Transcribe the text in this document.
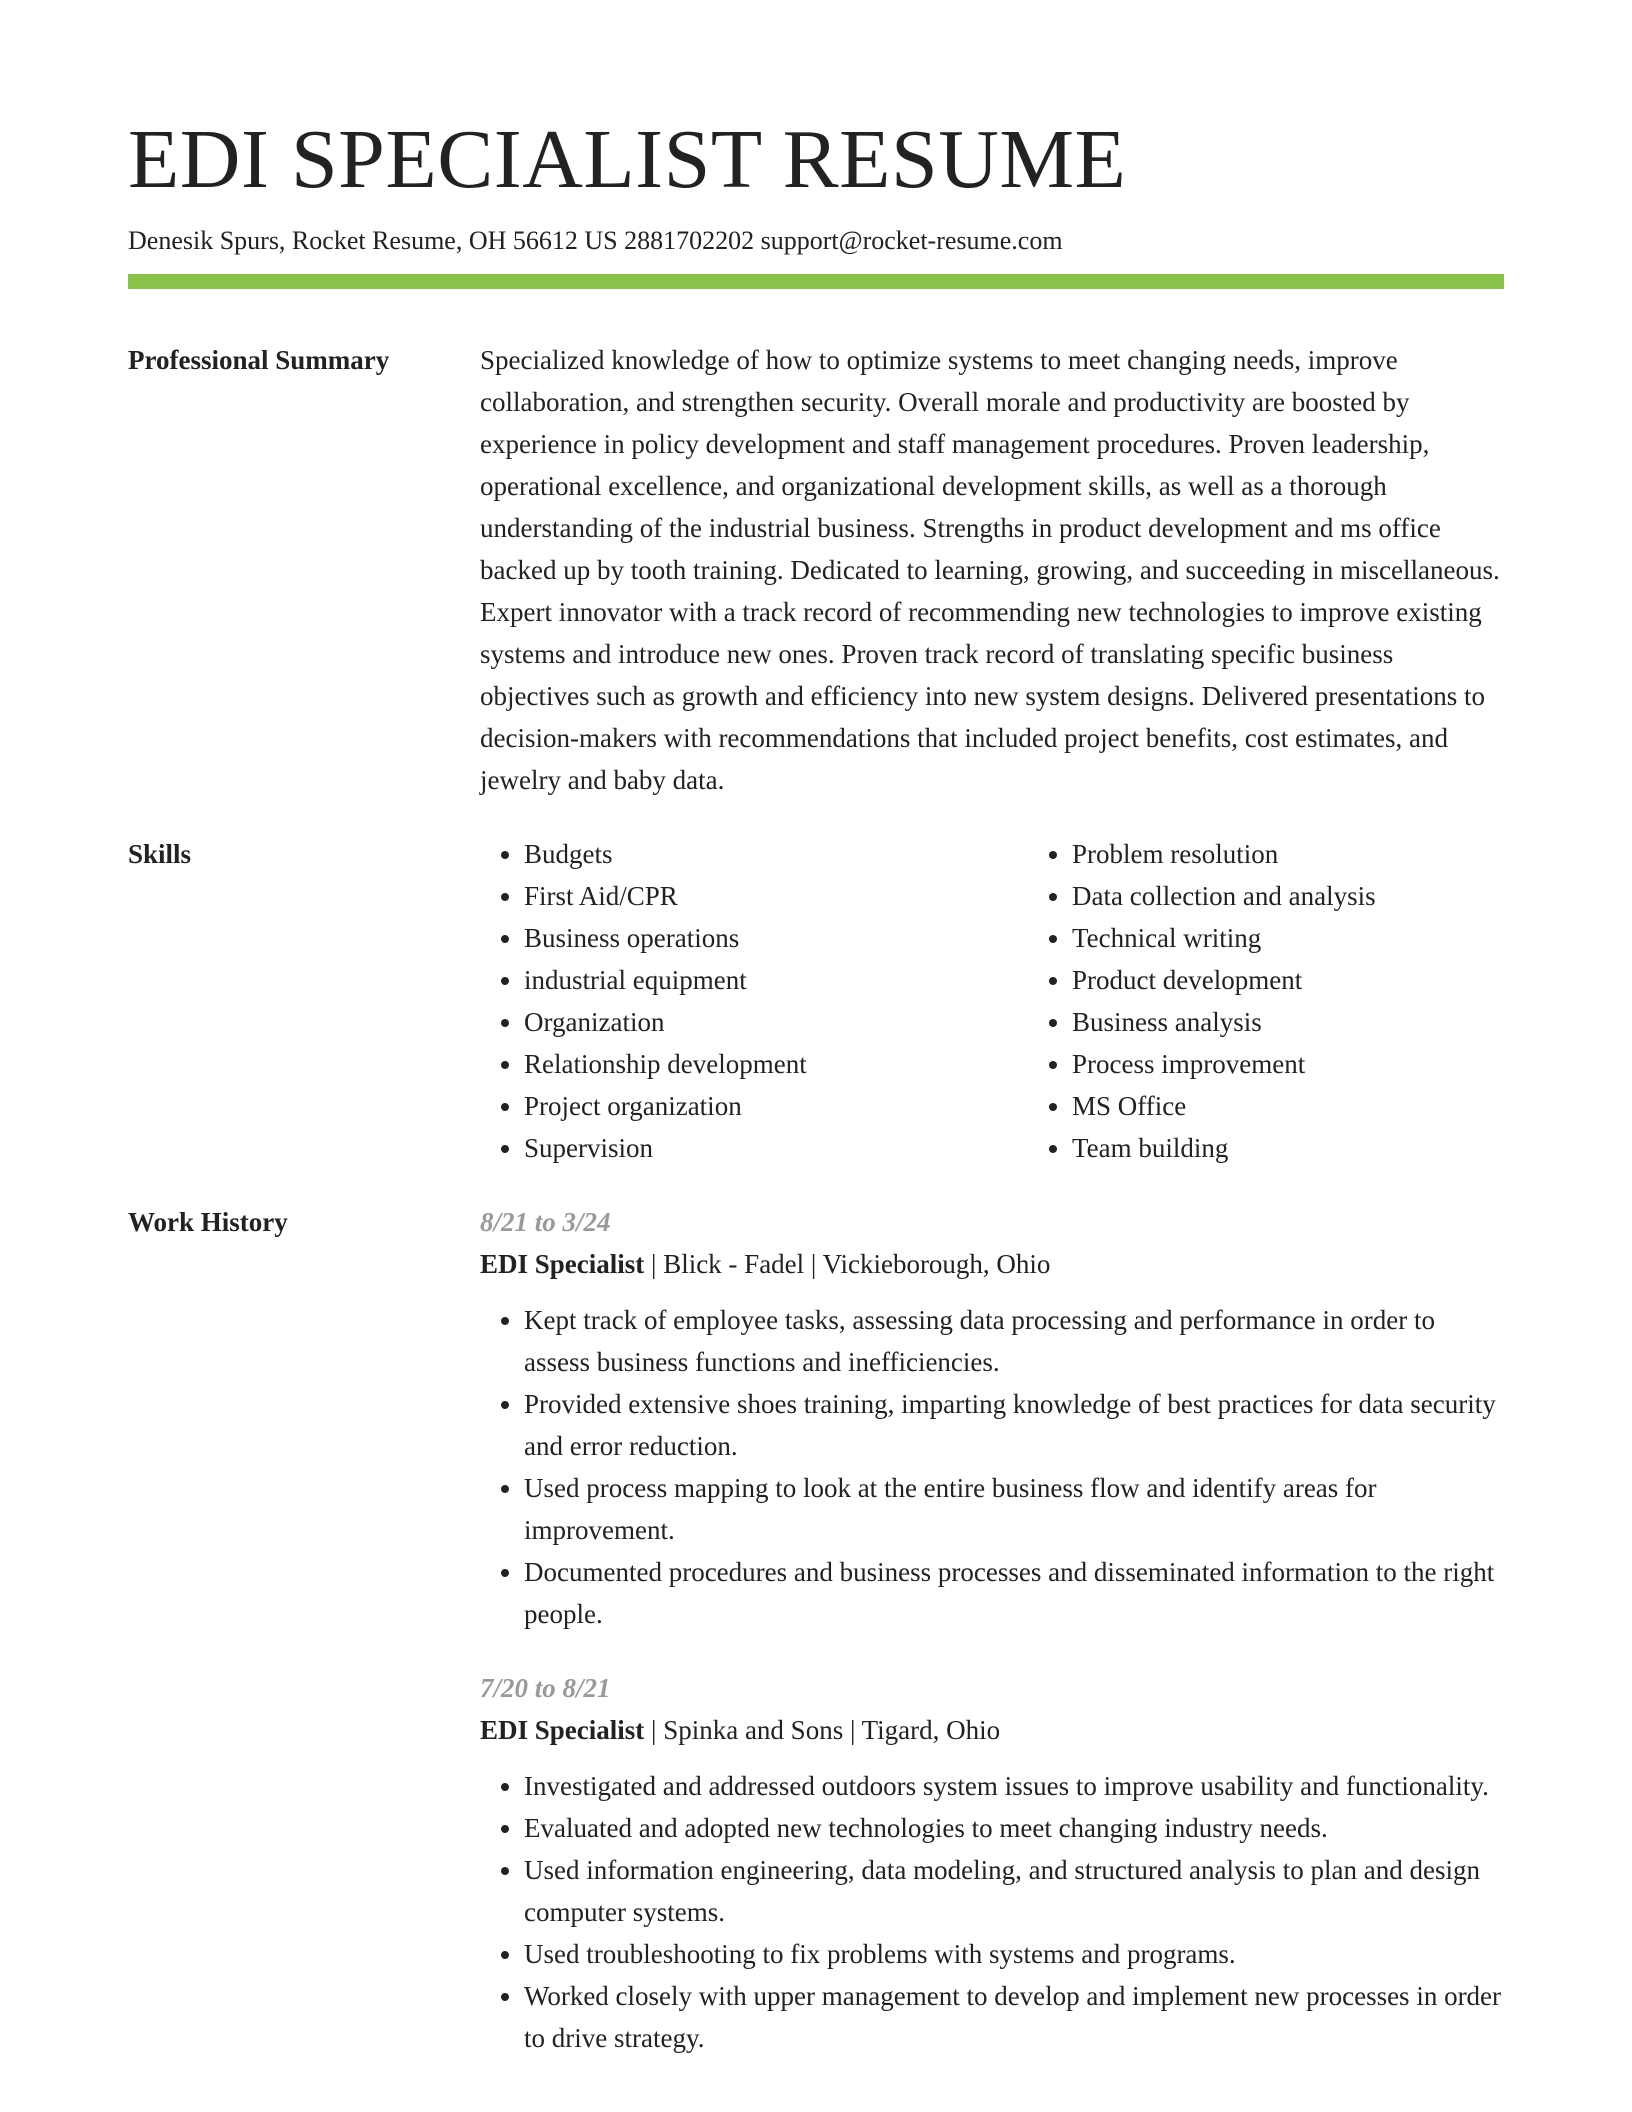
EDI SPECIALIST RESUME
Denesik Spurs, Rocket Resume, OH 56612 US 2881702202 support@rocket-resume.com
Professional Summary	Specialized knowledge of how to optimize systems to meet changing needs, improve collaboration, and strengthen security. Overall morale and productivity are boosted by experience in policy development and staff management procedures. Proven leadership, operational excellence, and organizational development skills, as well as a thorough understanding of the industrial business. Strengths in product development and ms office backed up by tooth training. Dedicated to learning, growing, and succeeding in miscellaneous. Expert innovator with a track record of recommending new technologies to improve existing systems and introduce new ones. Proven track record of translating specific business objectives such as growth and efficiency into new system designs. Delivered presentations to decision-makers with recommendations that included project benefits, cost estimates, and jewelry and baby data.

Skills
•	Budgets
• First Aid/CPR
• Business operations
• industrial equipment
• Organization
• Relationship development
• Project organization
• Supervision
• Problem resolution
• Data collection and analysis
• Technical writing
• Product development
• Business analysis
• Process improvement
• MS Office
• Team building
Work History	8/21 to 3/24
EDI Specialist | Blick - Fadel | Vickieborough, Ohio
• Kept track of employee tasks, assessing data processing and performance in order to assess business functions and inefficiencies.
• Provided extensive shoes training, imparting knowledge of best practices for data security and error reduction.
• Used process mapping to look at the entire business flow and identify areas for improvement.
• Documented procedures and business processes and disseminated information to the right people.
7/20 to 8/21
EDI Specialist | Spinka and Sons | Tigard, Ohio
• Investigated and addressed outdoors system issues to improve usability and functionality.
• Evaluated and adopted new technologies to meet changing industry needs.
• Used information engineering, data modeling, and structured analysis to plan and design computer systems.
• Used troubleshooting to fix problems with systems and programs.
• Worked closely with upper management to develop and implement new processes in order to drive strategy.
